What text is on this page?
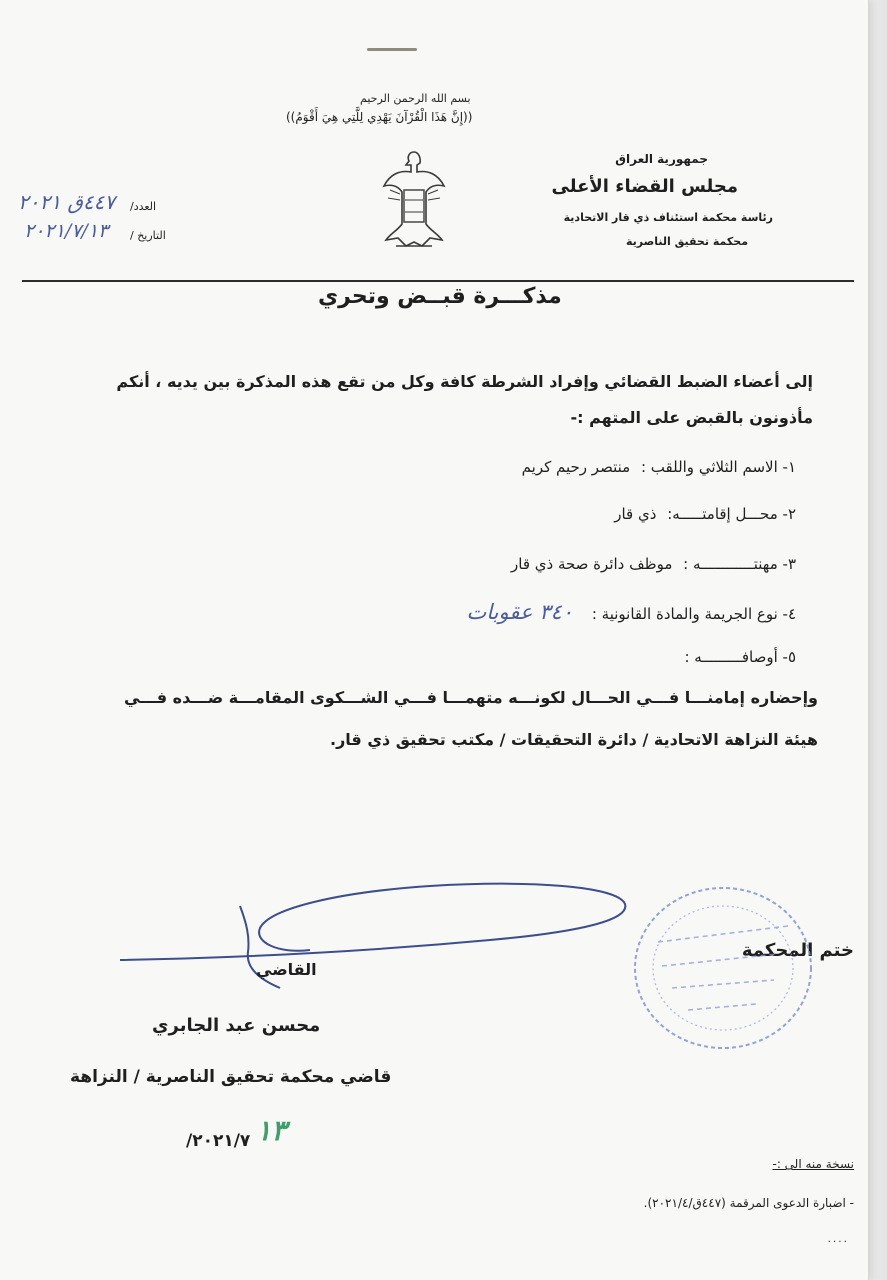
بسم الله الرحمن الرحيم
((إِنَّ هَذَا الْقُرْآنَ يَهْدِي لِلَّتِي هِيَ أَقْوَمُ))
جمهورية العراق
مجلس القضاء الأعلى
رئاسة محكمة استئناف ذي قار الاتحادية
محكمة تحقيق الناصرية
العدد/
٤٤٧ق ٢٠٢١
التاريخ /
٢٠٢١/٧/١٣
مذكـــرة قبــض وتحري
إلى أعضاء الضبط القضائي وإفراد الشرطة كافة وكل من تقع هذه المذكرة بين يديه ، أنكم
مأذونون بالقبض على المتهم :-
١- الاسم الثلاثي واللقب : منتصر رحيم كريم
٢- محـــل إقامتـــــه: ذي قار
٣- مهنتــــــــــــه : موظف دائرة صحة ذي قار
٤- نوع الجريمة والمادة القانونية : ٣٤٠ عقوبات
٥- أوصافـــــــــه :
وإحضاره إمامنـــا فـــي الحـــال لكونـــه متهمـــا فـــي الشـــكوى المقامـــة ضـــده فـــي
هيئة النزاهة الاتحادية / دائرة التحقيقات / مكتب تحقيق ذي قار.
القاضي
محسن عبد الجابري
قاضي محكمة تحقيق الناصرية / النزاهة
١٣ ٢٠٢١/٧/
ختم المحكمة
نسخة منه الى :-
- اضبارة الدعوى المرقمة (٤٤٧ق/٢٠٢١/٤).
٠٠٠٠
